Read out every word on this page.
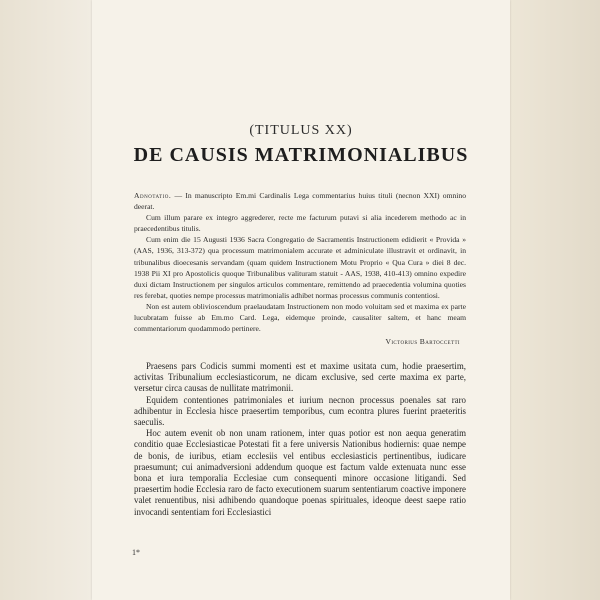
(TITULUS XX)
DE CAUSIS MATRIMONIALIBUS

Adnotatio. — In manuscripto Em.mi Cardinalis Lega commentarius huius tituli (necnon XXI) omnino deerat.

Cum illum parare ex integro aggrederer, recte me facturum putavi si alia incederem methodo ac in praecedentibus titulis.

Cum enim die 15 Augusti 1936 Sacra Congregatio de Sacramentis Instructionem edidierit « Provida » (AAS, 1936, 313-372) qua processum matrimonialem accurate et adminiculate illustravit et ordinavit, in tribunalibus dioecesanis servandam (quam quidem Instructionem Motu Proprio « Qua Cura » diei 8 dec. 1938 Pii XI pro Apostolicis quoque Tribunalibus valituram statuit - AAS, 1938, 410-413) omnino expedire duxi dictam Instructionem per singulos articulos commentare, remittendo ad praecedentia volumina quoties res ferebat, quoties nempe processus matrimonialis adhibet normas processus communis contentiosi.

Non est autem oblivioscendum praelaudatam Instructionem non modo voluitam sed et maxima ex parte lucubratam fuisse ab Em.mo Card. Lega, eidemque proinde, causaliter saltem, et hanc meam commentariorum quodammodo pertinere.

Victorius Bartoccetti

Praesens pars Codicis summi momenti est et maxime usitata cum, hodie praesertim, activitas Tribunalium ecclesiasticorum, ne dicam exclusive, sed certe maxima ex parte, versetur circa causas de nullitate matrimonii.

Equidem contentiones patrimoniales et iurium necnon processus poenales sat raro adhibentur in Ecclesia hisce praesertim temporibus, cum econtra plures fuerint praeteritis saeculis.

Hoc autem evenit ob non unam rationem, inter quas potior est non aequa generatim conditio quae Ecclesiasticae Potestati fit a fere universis Nationibus hodiernis: quae nempe de bonis, de iuribus, etiam ecclesiis vel entibus ecclesiasticis pertinentibus, iudicare praesumunt; cui animadversioni addendum quoque est factum valde extenuata nunc esse bona et iura temporalia Ecclesiae cum consequenti minore occasione litigandi. Sed praesertim hodie Ecclesia raro de facto executionem suarum sententiarum coactive imponere valet renuentibus, nisi adhibendo quandoque poenas spirituales, ideoque deest saepe ratio invocandi sententiam fori Ecclesiastici

1*
